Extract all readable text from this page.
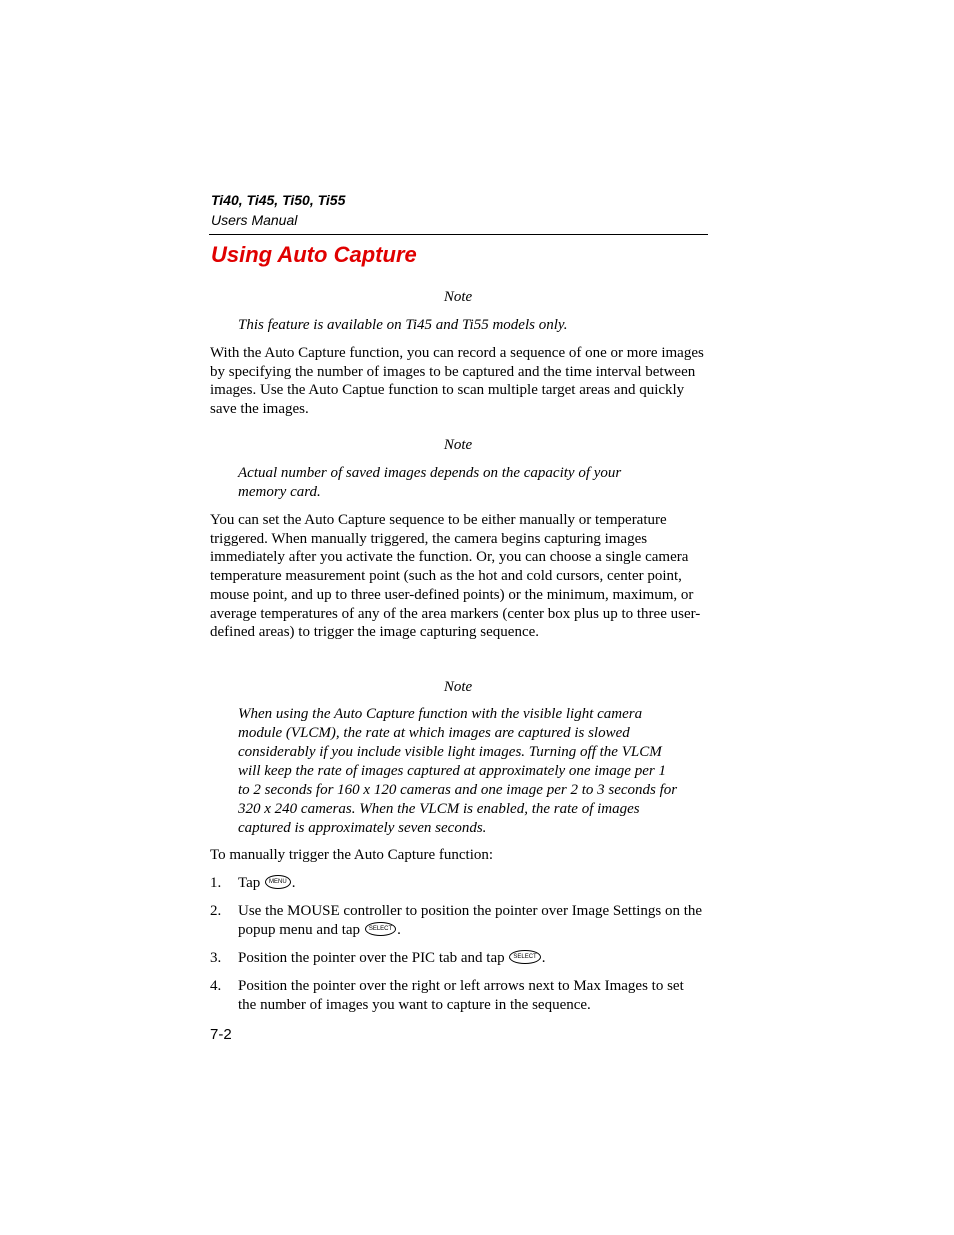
Ti40, Ti45, Ti50, Ti55
Users Manual
Using Auto Capture
Note
This feature is available on Ti45 and Ti55 models only.
With the Auto Capture function, you can record a sequence of one or more images by specifying the number of images to be captured and the time interval between images. Use the Auto Captue function to scan multiple target areas and quickly save the images.
Note
Actual number of saved images depends on the capacity of your memory card.
You can set the Auto Capture sequence to be either manually or temperature triggered. When manually triggered, the camera begins capturing images immediately after you activate the function. Or, you can choose a single camera temperature measurement point (such as the hot and cold cursors, center point, mouse point, and up to three user-defined points) or the minimum, maximum, or average temperatures of any of the area markers (center box plus up to three user-defined areas) to trigger the image capturing sequence.
Note
When using the Auto Capture function with the visible light camera module (VLCM), the rate at which images are captured is slowed considerably if you include visible light images. Turning off the VLCM will keep the rate of images captured at approximately one image per 1 to 2 seconds for 160 x 120 cameras and one image per 2 to 3 seconds for 320 x 240 cameras. When the VLCM is enabled, the rate of images captured is approximately seven seconds.
To manually trigger the Auto Capture function:
1. Tap MENU .
2. Use the MOUSE controller to position the pointer over Image Settings on the popup menu and tap SELECT .
3. Position the pointer over the PIC tab and tap SELECT .
4. Position the pointer over the right or left arrows next to Max Images to set the number of images you want to capture in the sequence.
7-2
